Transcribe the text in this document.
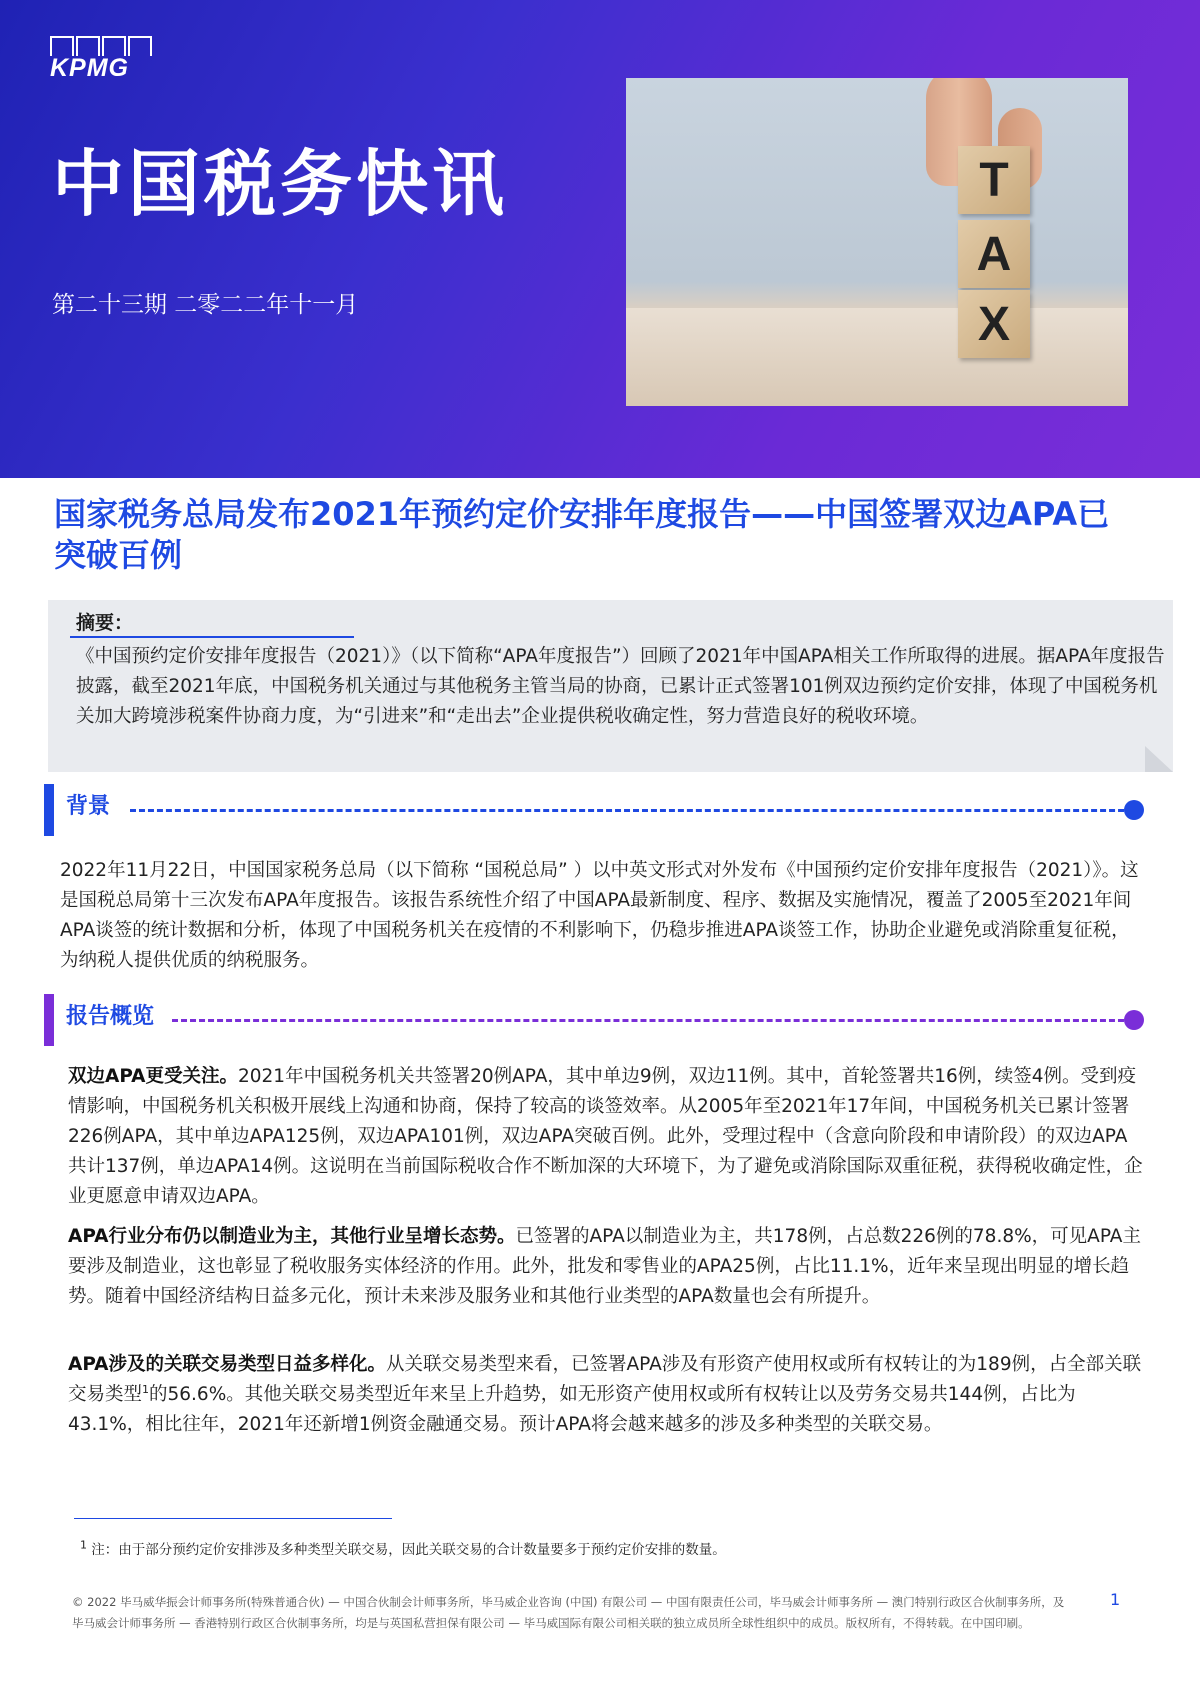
KPMG
中国税务快讯
第二十三期 二零二二年十一月
T
A
X
国家税务总局发布2021年预约定价安排年度报告——中国签署双边APA已突破百例
摘要：
《中国预约定价安排年度报告（2021）》（以下简称“APA年度报告”）回顾了2021年中国APA相关工作所取得的进展。据APA年度报告披露，截至2021年底，中国税务机关通过与其他税务主管当局的协商，已累计正式签署101例双边预约定价安排，体现了中国税务机关加大跨境涉税案件协商力度，为“引进来”和“走出去”企业提供税收确定性，努力营造良好的税收环境。
背景
2022年11月22日，中国国家税务总局（以下简称 “国税总局” ）以中英文形式对外发布《中国预约定价安排年度报告（2021）》。这是国税总局第十三次发布APA年度报告。该报告系统性介绍了中国APA最新制度、程序、数据及实施情况，覆盖了2005至2021年间APA谈签的统计数据和分析，体现了中国税务机关在疫情的不利影响下，仍稳步推进APA谈签工作，协助企业避免或消除重复征税，为纳税人提供优质的纳税服务。
报告概览
双边APA更受关注。2021年中国税务机关共签署20例APA，其中单边9例，双边11例。其中，首轮签署共16例，续签4例。受到疫情影响，中国税务机关积极开展线上沟通和协商，保持了较高的谈签效率。从2005年至2021年17年间，中国税务机关已累计签署226例APA，其中单边APA125例，双边APA101例，双边APA突破百例。此外，受理过程中（含意向阶段和申请阶段）的双边APA共计137例，单边APA14例。这说明在当前国际税收合作不断加深的大环境下，为了避免或消除国际双重征税，获得税收确定性，企业更愿意申请双边APA。
APA行业分布仍以制造业为主，其他行业呈增长态势。已签署的APA以制造业为主，共178例，占总数226例的78.8%，可见APA主要涉及制造业，这也彰显了税收服务实体经济的作用。此外，批发和零售业的APA25例，占比11.1%，近年来呈现出明显的增长趋势。随着中国经济结构日益多元化，预计未来涉及服务业和其他行业类型的APA数量也会有所提升。
APA涉及的关联交易类型日益多样化。从关联交易类型来看，已签署APA涉及有形资产使用权或所有权转让的为189例，占全部关联交易类型$^1$的56.6%。其他关联交易类型近年来呈上升趋势，如无形资产使用权或所有权转让以及劳务交易共144例，占比为43.1%，相比往年，2021年还新增1例资金融通交易。预计APA将会越来越多的涉及多种类型的关联交易。
$^1$ 注：由于部分预约定价安排涉及多种类型关联交易，因此关联交易的合计数量要多于预约定价安排的数量。
© 2022 毕马威华振会计师事务所(特殊普通合伙) — 中国合伙制会计师事务所，毕马威企业咨询 (中国) 有限公司 — 中国有限责任公司，毕马威会计师事务所 — 澳门特别行政区合伙制事务所，及毕马威会计师事务所 — 香港特别行政区合伙制事务所，均是与英国私营担保有限公司 — 毕马威国际有限公司相关联的独立成员所全球性组织中的成员。版权所有，不得转载。在中国印刷。
1
